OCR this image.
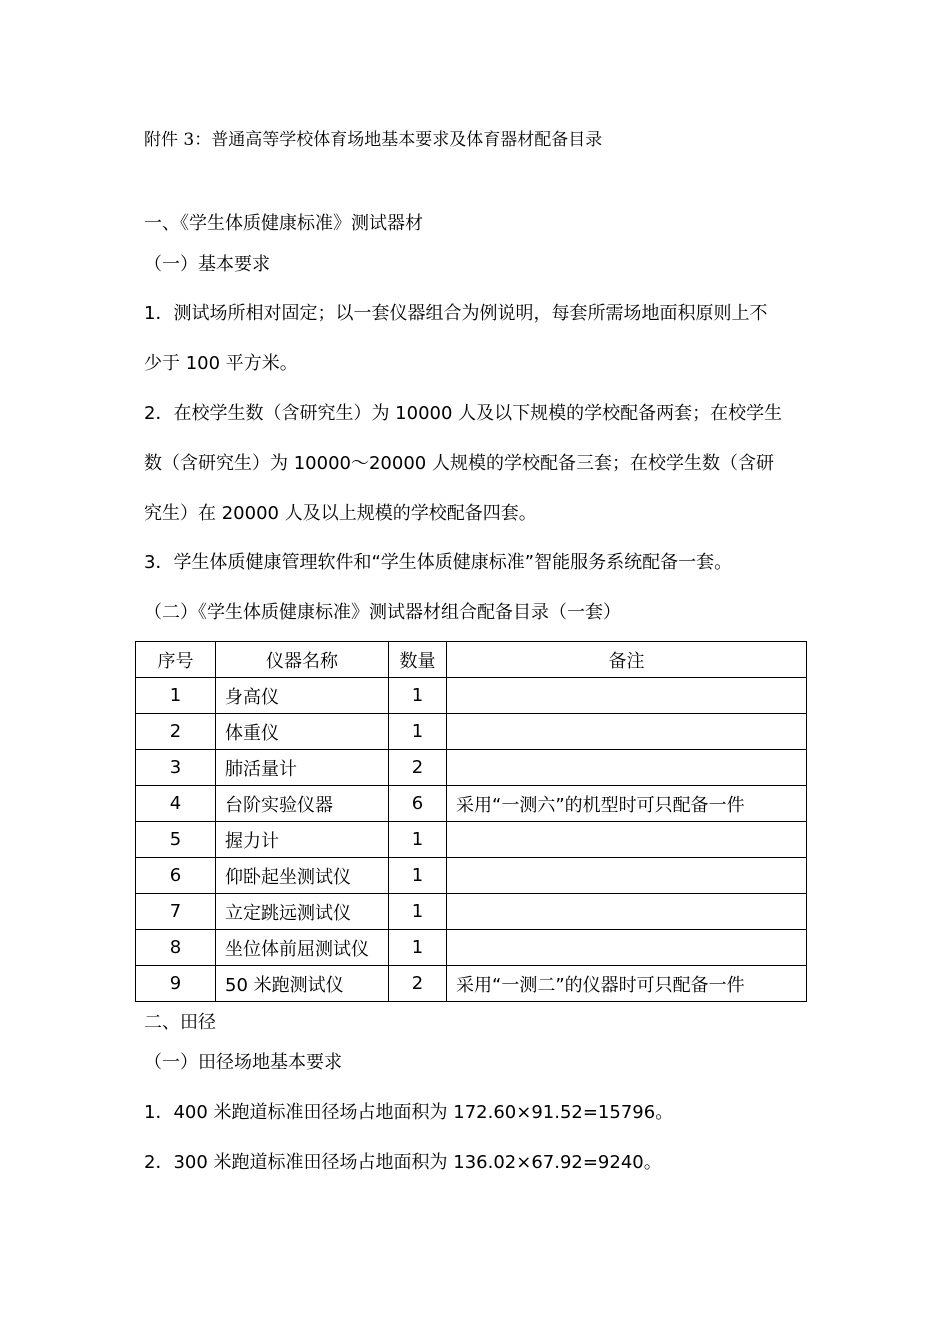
附件 3：普通高等学校体育场地基本要求及体育器材配备目录
一、《学生体质健康标准》测试器材
（一）基本要求
1．测试场所相对固定；以一套仪器组合为例说明，每套所需场地面积原则上不
少于 100 平方米。
2．在校学生数（含研究生）为 10000 人及以下规模的学校配备两套；在校学生
数（含研究生）为 10000～20000 人规模的学校配备三套；在校学生数（含研
究生）在 20000 人及以上规模的学校配备四套。
3．学生体质健康管理软件和“学生体质健康标准”智能服务系统配备一套。
（二）《学生体质健康标准》测试器材组合配备目录（一套）
序号	仪器名称	数量	备注
1	身高仪	1	
2	体重仪	1	
3	肺活量计	2	
4	台阶实验仪器	6	采用“一测六”的机型时可只配备一件
5	握力计	1	
6	仰卧起坐测试仪	1	
7	立定跳远测试仪	1	
8	坐位体前屈测试仪	1	
9	50 米跑测试仪	2	采用“一测二”的仪器时可只配备一件
二、田径
（一）田径场地基本要求
1．400 米跑道标准田径场占地面积为 172.60×91.52=15796。
2．300 米跑道标准田径场占地面积为 136.02×67.92=9240。
